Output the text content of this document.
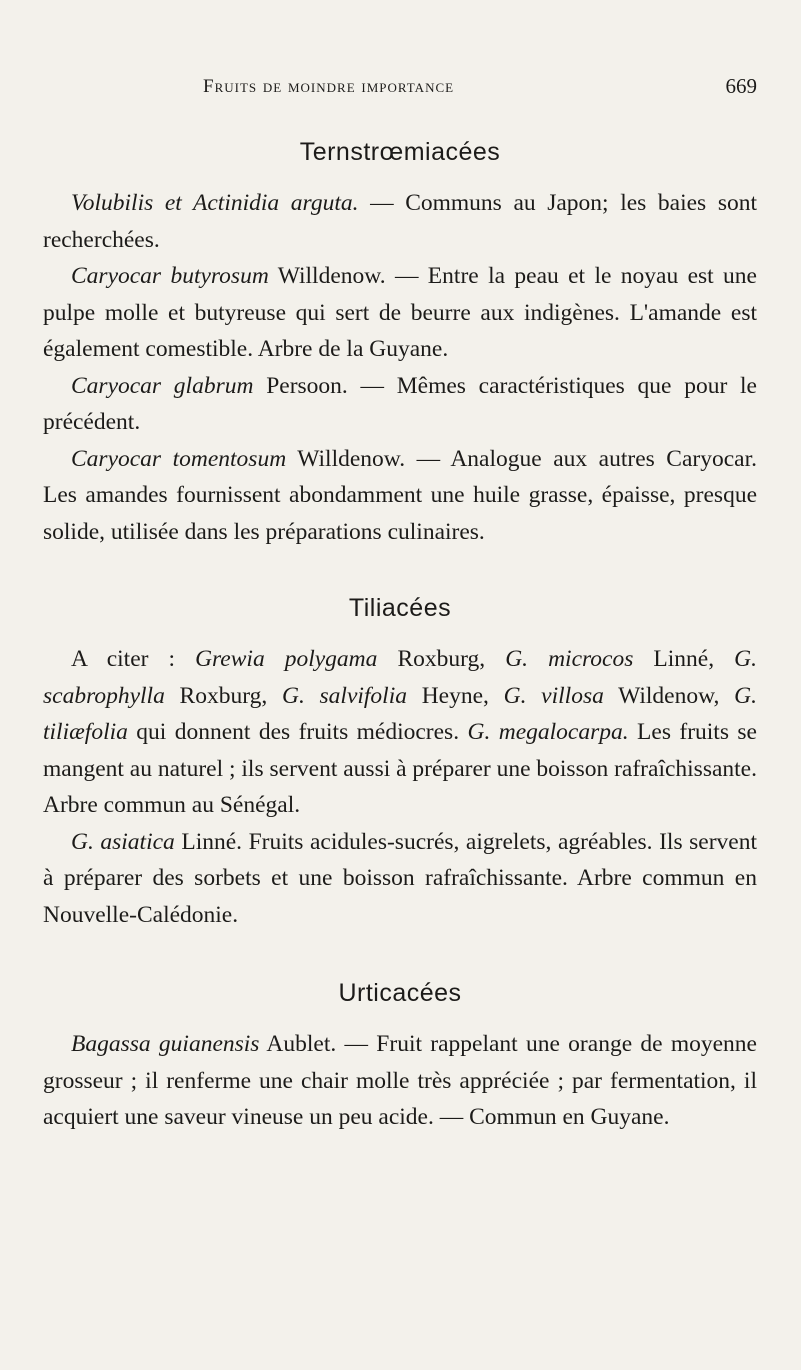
Fruits de moindre importance	669
Ternstrœmiacées

Volubilis et Actinidia arguta. — Communs au Japon; les baies sont recherchées.

Caryocar butyrosum Willdenow. — Entre la peau et le noyau est une pulpe molle et butyreuse qui sert de beurre aux indigènes. L'amande est également comestible. Arbre de la Guyane.

Caryocar glabrum Persoon. — Mêmes caractéristiques que pour le précédent.

Caryocar tomentosum Willdenow. — Analogue aux autres Caryocar. Les amandes fournissent abondamment une huile grasse, épaisse, presque solide, utilisée dans les préparations culinaires.

Tiliacées

A citer : Grewia polygama Roxburg, G. microcos Linné, G. scabrophylla Roxburg, G. salvifolia Heyne, G. villosa Wildenow, G. tiliæfolia qui donnent des fruits médiocres. G. megalocarpa. Les fruits se mangent au naturel ; ils servent aussi à préparer une boisson rafraîchissante. Arbre commun au Sénégal.

G. asiatica Linné. Fruits acidules-sucrés, aigrelets, agréables. Ils servent à préparer des sorbets et une boisson rafraîchissante. Arbre commun en Nouvelle-Calédonie.

Urticacées

Bagassa guianensis Aublet. — Fruit rappelant une orange de moyenne grosseur ; il renferme une chair molle très appréciée ; par fermentation, il acquiert une saveur vineuse un peu acide. — Commun en Guyane.
